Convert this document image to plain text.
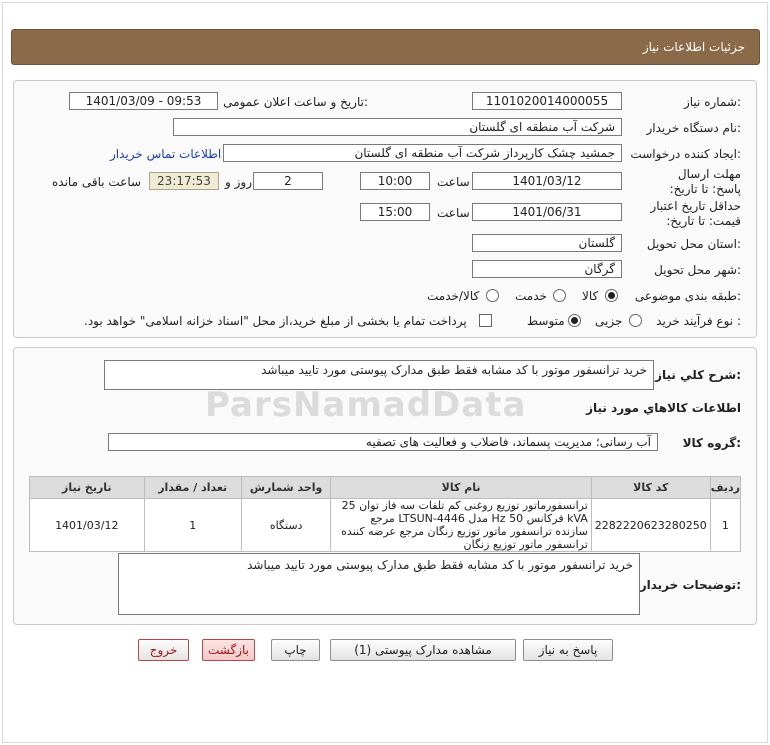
جزئیات اطلاعات نیاز
شماره نیاز:
1101020014000055
تاریخ و ساعت اعلان عمومی:
1401/03/09 - 09:53
نام دستگاه خریدار:
شرکت آب منطقه ای گلستان
ایجاد کننده درخواست:
جمشید چشک کارپرداز شرکت آب منطقه ای گلستان
اطلاعات تماس خریدار
مهلت ارسال پاسخ: تا تاریخ:
1401/03/12
ساعت
10:00
2
روز و
23:17:53
ساعت باقی مانده
حداقل تاریخ اعتبار قیمت: تا تاریخ:
1401/06/31
ساعت
15:00
استان محل تحویل:
گلستان
شهر محل تحویل:
گرگان
طبقه بندی موضوعی:
کالا
خدمت
کالا/خدمت
نوع فرآیند خرید :
جزیی
متوسط
پرداخت تمام یا بخشی از مبلغ خرید،از محل "اسناد خزانه اسلامی" خواهد بود.
شرح کلي نياز:
خرید ترانسفور موتور با کد مشابه فقط طبق مدارک پیوستی مورد تایید میباشد
ParsNamadData	اطلاعات کالاهاي مورد نياز
گروه کالا:
آب رسانی؛ مدیریت پسماند، فاضلاب و فعالیت های تصفیه
ردیف	کد کالا	نام کالا	واحد شمارش	تعداد / مقدار	تاریخ نیاز
1	2282220623280250	ترانسفورماتور توزیع روغنی کم تلفات سه فاز توان 25 kVA فرکانس 50 Hz مدل LTSUN-4446 مرجع سازنده ترانسفور ماتور توزیع زنگان مرجع عرضه کننده ترانسفور ماتور توزیع زنگان	دستگاه	1	1401/03/12
توضیحات خریدار:
خرید ترانسفور موتور با کد مشابه فقط طبق مدارک پیوستی مورد تایید میباشد
پاسخ به نیاز
مشاهده مدارک پیوستی (1)
چاپ
بازگشت
خروج
